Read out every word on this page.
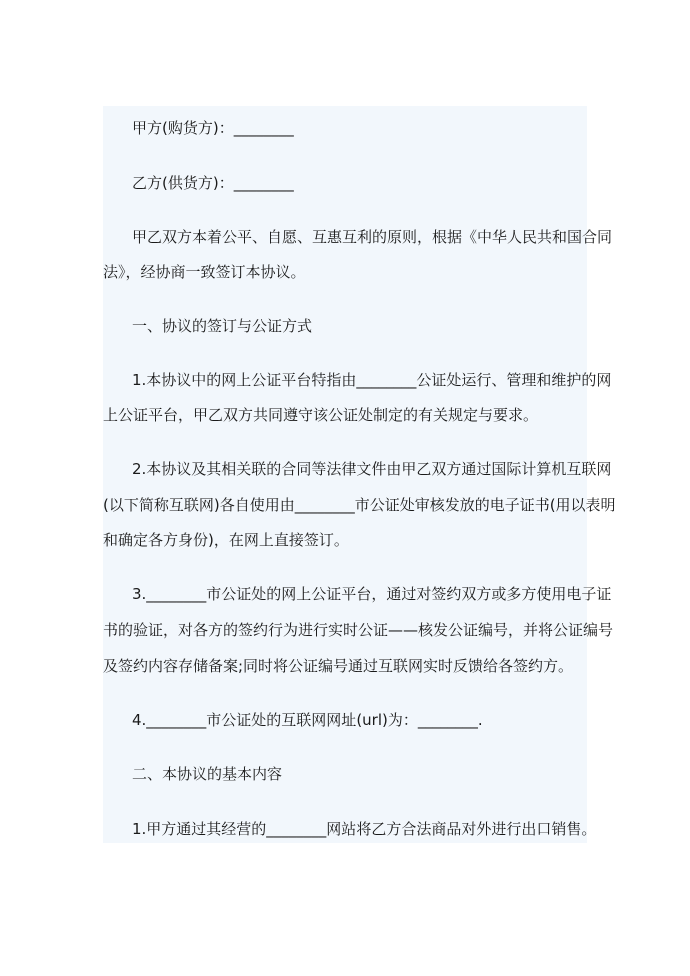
甲方(购货方)：________

乙方(供货方)：________

甲乙双方本着公平、自愿、互惠互利的原则，根据《中华人民共和国合同

法》，经协商一致签订本协议。

一、协议的签订与公证方式

1.本协议中的网上公证平台特指由________公证处运行、管理和维护的网

上公证平台，甲乙双方共同遵守该公证处制定的有关规定与要求。

2.本协议及其相关联的合同等法律文件由甲乙双方通过国际计算机互联网

(以下简称互联网)各自使用由________市公证处审核发放的电子证书(用以表明

和确定各方身份)，在网上直接签订。

3.________市公证处的网上公证平台，通过对签约双方或多方使用电子证

书的验证，对各方的签约行为进行实时公证——核发公证编号，并将公证编号

及签约内容存储备案;同时将公证编号通过互联网实时反馈给各签约方。

4.________市公证处的互联网网址(url)为：________.

二、本协议的基本内容

1.甲方通过其经营的________网站将乙方合法商品对外进行出口销售。
